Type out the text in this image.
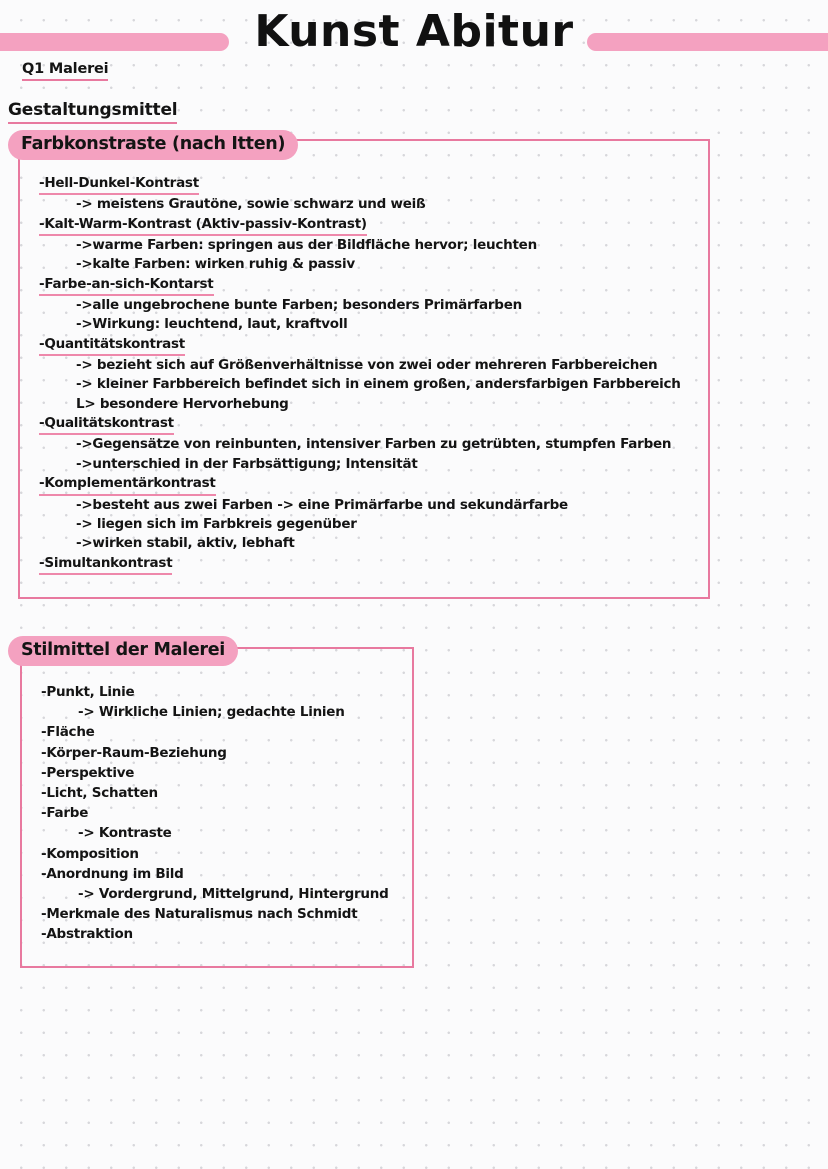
Kunst Abitur
Q1 Malerei
Gestaltungsmittel
Farbkonstraste (nach Itten)
-Hell-Dunkel-Kontrast
-> meistens Grautöne, sowie schwarz und weiß
-Kalt-Warm-Kontrast (Aktiv-passiv-Kontrast)
->warme Farben: springen aus der Bildfläche hervor; leuchten
->kalte Farben: wirken ruhig & passiv
-Farbe-an-sich-Kontarst
->alle ungebrochene bunte Farben; besonders Primärfarben
->Wirkung: leuchtend, laut, kraftvoll
-Quantitätskontrast
-> bezieht sich auf Größenverhältnisse von zwei oder mehreren Farbbereichen
-> kleiner Farbbereich befindet sich in einem großen, andersfarbigen Farbbereich
L> besondere Hervorhebung
-Qualitätskontrast
->Gegensätze von reinbunten, intensiver Farben zu getrübten, stumpfen Farben
->unterschied in der Farbsättigung; Intensität
-Komplementärkontrast
->besteht aus zwei Farben -> eine Primärfarbe und sekundärfarbe
-> liegen sich im Farbkreis gegenüber
->wirken stabil, aktiv, lebhaft
-Simultankontrast
Stilmittel der Malerei
-Punkt, Linie
-> Wirkliche Linien; gedachte Linien
-Fläche
-Körper-Raum-Beziehung
-Perspektive
-Licht, Schatten
-Farbe
-> Kontraste
-Komposition
-Anordnung im Bild
-> Vordergrund, Mittelgrund, Hintergrund
-Merkmale des Naturalismus nach Schmidt
-Abstraktion
